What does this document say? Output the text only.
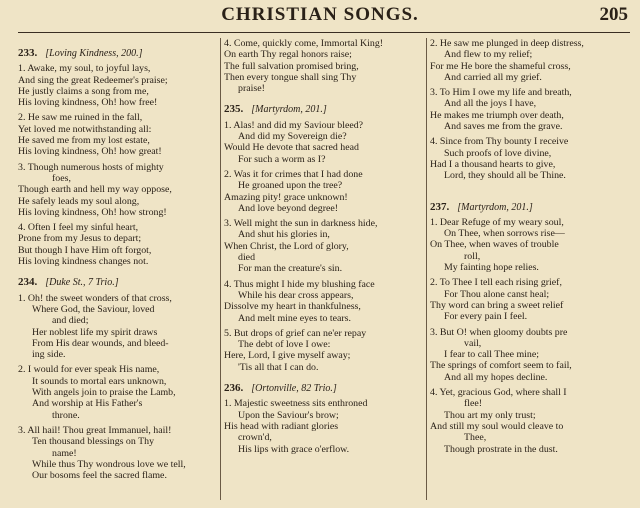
CHRISTIAN SONGS.	205
233. [Loving Kindness, 200.]
1. Awake, my soul, to joyful lays,
And sing the great Redeemer's praise;
He justly claims a song from me,
His loving kindness, Oh! how free!
2. He saw me ruined in the fall,
Yet loved me notwithstanding all:
He saved me from my lost estate,
His loving kindness, Oh! how great!
3. Though numerous hosts of mighty
foes,
Though earth and hell my way oppose,
He safely leads my soul along,
His loving kindness, Oh! how strong!
4. Often I feel my sinful heart,
Prone from my Jesus to depart;
But though I have Him oft forgot,
His loving kindness changes not.
234. [Duke St., 7 Trio.]
1. Oh! the sweet wonders of that cross,
Where God, the Saviour, loved
and died;
Her noblest life my spirit draws
From His dear wounds, and bleed-
ing side.
2. I would for ever speak His name,
It sounds to mortal ears unknown,
With angels join to praise the Lamb,
And worship at His Father's
throne.
3. All hail! Thou great Immanuel, hail!
Ten thousand blessings on Thy
name!
While thus Thy wondrous love we tell,
Our bosoms feel the sacred flame.
4. Come, quickly come, Immortal King!
On earth Thy regal honors raise;
The full salvation promised bring,
Then every tongue shall sing Thy
praise!
235. [Martyrdom, 201.]
1. Alas! and did my Saviour bleed?
And did my Sovereign die?
Would He devote that sacred head
For such a worm as I?
2. Was it for crimes that I had done
He groaned upon the tree?
Amazing pity! grace unknown!
And love beyond degree!
3. Well might the sun in darkness hide,
And shut his glories in,
When Christ, the Lord of glory,
died
For man the creature's sin.
4. Thus might I hide my blushing face
While his dear cross appears,
Dissolve my heart in thankfulness,
And melt mine eyes to tears.
5. But drops of grief can ne'er repay
The debt of love I owe:
Here, Lord, I give myself away;
'Tis all that I can do.
236. [Ortonville, 82 Trio.]
1. Majestic sweetness sits enthroned
Upon the Saviour's brow;
His head with radiant glories
crown'd,
His lips with grace o'erflow.
2. He saw me plunged in deep distress,
And flew to my relief;
For me He bore the shameful cross,
And carried all my grief.
3. To Him I owe my life and breath,
And all the joys I have,
He makes me triumph over death,
And saves me from the grave.
4. Since from Thy bounty I receive
Such proofs of love divine,
Had I a thousand hearts to give,
Lord, they should all be Thine.
237. [Martyrdom, 201.]
1. Dear Refuge of my weary soul,
On Thee, when sorrows rise—
On Thee, when waves of trouble
roll,
My fainting hope relies.
2. To Thee I tell each rising grief,
For Thou alone canst heal;
Thy word can bring a sweet relief
For every pain I feel.
3. But O! when gloomy doubts pre
vail,
I fear to call Thee mine;
The springs of comfort seem to fail,
And all my hopes decline.
4. Yet, gracious God, where shall I
flee!
Thou art my only trust;
And still my soul would cleave to
Thee,
Though prostrate in the dust.
